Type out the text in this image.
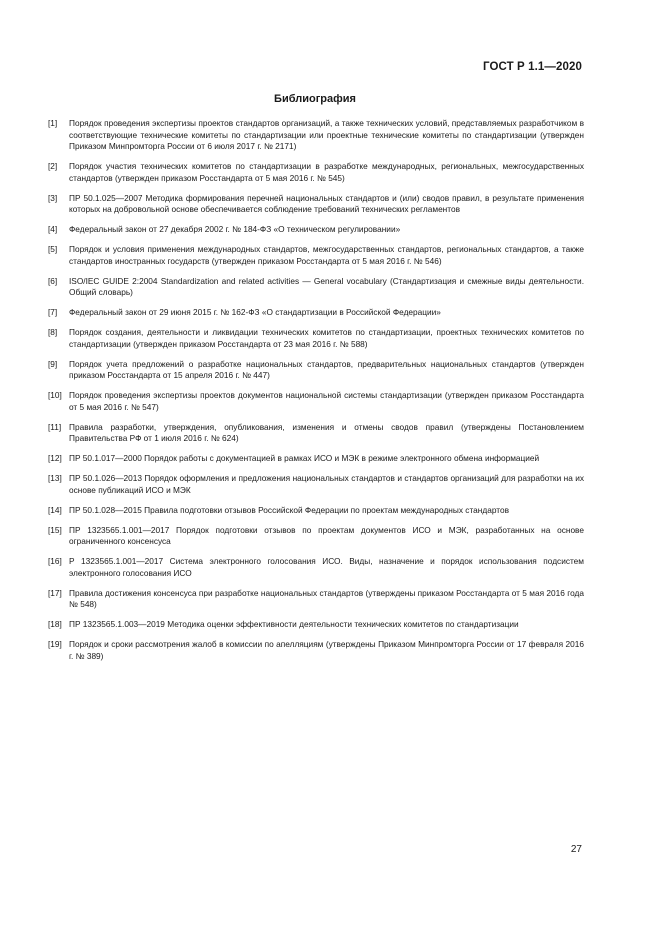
ГОСТ Р 1.1—2020
Библиография
[1]	Порядок проведения экспертизы проектов стандартов организаций, а также технических условий, представляемых разработчиком в соответствующие технические комитеты по стандартизации или проектные технические комитеты по стандартизации (утвержден Приказом Минпромторга России от 6 июля 2017 г. № 2171)
[2]	Порядок участия технических комитетов по стандартизации в разработке международных, региональных, межгосударственных стандартов (утвержден приказом Росстандарта от 5 мая 2016 г. № 545)
[3]	ПР 50.1.025—2007 Методика формирования перечней национальных стандартов и (или) сводов правил, в результате применения которых на добровольной основе обеспечивается соблюдение требований технических регламентов
[4]	Федеральный закон от 27 декабря 2002 г. № 184-ФЗ «О техническом регулировании»
[5]	Порядок и условия применения международных стандартов, межгосударственных стандартов, региональных стандартов, а также стандартов иностранных государств (утвержден приказом Росстандарта от 5 мая 2016 г. № 546)
[6]	ISO/IEC GUIDE 2:2004 Standardization and related activities — General vocabulary (Стандартизация и смежные виды деятельности. Общий словарь)
[7]	Федеральный закон от 29 июня 2015 г. № 162-ФЗ «О стандартизации в Российской Федерации»
[8]	Порядок создания, деятельности и ликвидации технических комитетов по стандартизации, проектных технических комитетов по стандартизации (утвержден приказом Росстандарта от 23 мая 2016 г. № 588)
[9]	Порядок учета предложений о разработке национальных стандартов, предварительных национальных стандартов (утвержден приказом Росстандарта от 15 апреля 2016 г. № 447)
[10] Порядок проведения экспертизы проектов документов национальной системы стандартизации (утвержден приказом Росстандарта от 5 мая 2016 г. № 547)
[11] Правила разработки, утверждения, опубликования, изменения и отмены сводов правил (утверждены Постановлением Правительства РФ от 1 июля 2016 г. № 624)
[12] ПР 50.1.017—2000 Порядок работы с документацией в рамках ИСО и МЭК в режиме электронного обмена информацией
[13] ПР 50.1.026—2013 Порядок оформления и предложения национальных стандартов и стандартов организаций для разработки на их основе публикаций ИСО и МЭК
[14] ПР 50.1.028—2015 Правила подготовки отзывов Российской Федерации по проектам международных стандартов
[15] ПР 1323565.1.001—2017 Порядок подготовки отзывов по проектам документов ИСО и МЭК, разработанных на основе ограниченного консенсуса
[16] Р 1323565.1.001—2017 Система электронного голосования ИСО. Виды, назначение и порядок использования подсистем электронного голосования ИСО
[17] Правила достижения консенсуса при разработке национальных стандартов (утверждены приказом Росстандарта от 5 мая 2016 года № 548)
[18] ПР 1323565.1.003—2019 Методика оценки эффективности деятельности технических комитетов по стандартизации
[19] Порядок и сроки рассмотрения жалоб в комиссии по апелляциям (утверждены Приказом Минпромторга России от 17 февраля 2016 г. № 389)
27
